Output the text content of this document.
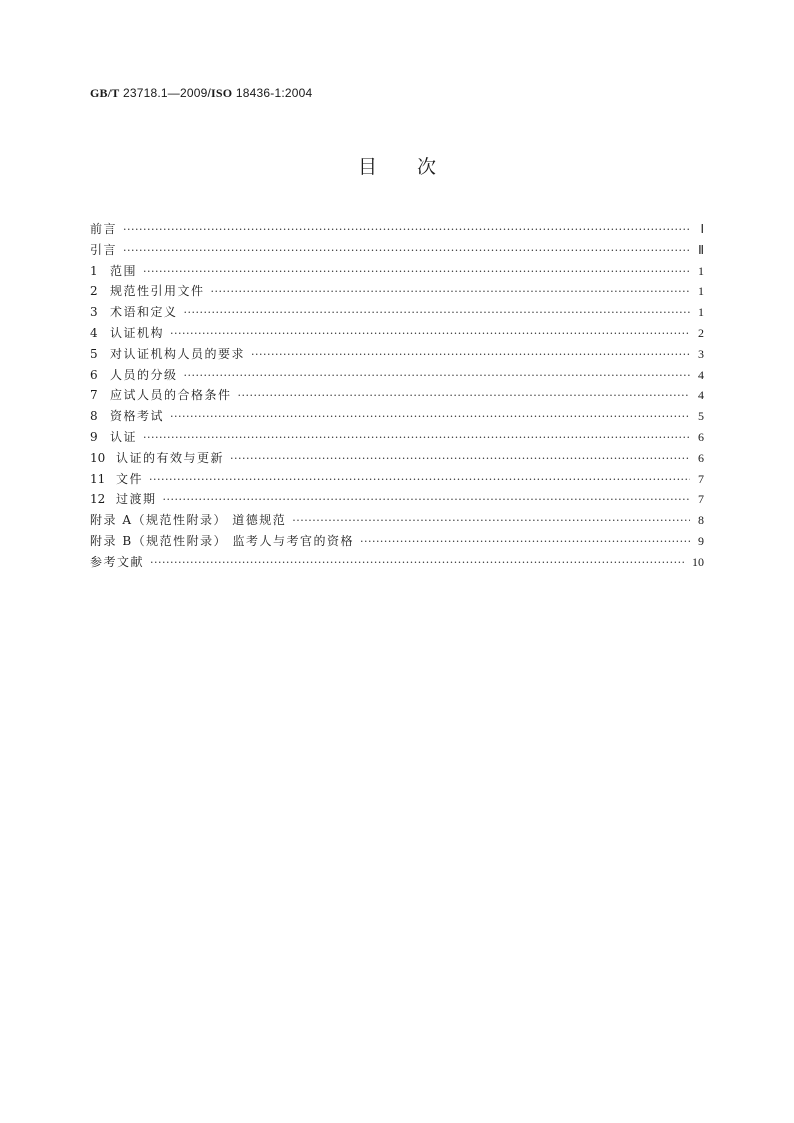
GB/T 23718.1—2009/ISO 18436-1:2004
目次
前言 ·····	Ⅰ
引言 ·····	Ⅱ
1	范围 ·····	1
2	规范性引用文件 ·····	1
3	术语和定义 ·····	1
4	认证机构 ·····	2
5	对认证机构人员的要求 ·····	3
6	人员的分级 ·····	4
7	应试人员的合格条件 ·····	4
8	资格考试 ·····	5
9	认证 ·····	6
10 认证的有效与更新 ·····	6
11 文件 ·····	7
12 过渡期 ·····	7
附录 A（规范性附录） 道德规范 ·····	8
附录 B（规范性附录） 监考人与考官的资格 ·····	9
参考文献 ·····	10
